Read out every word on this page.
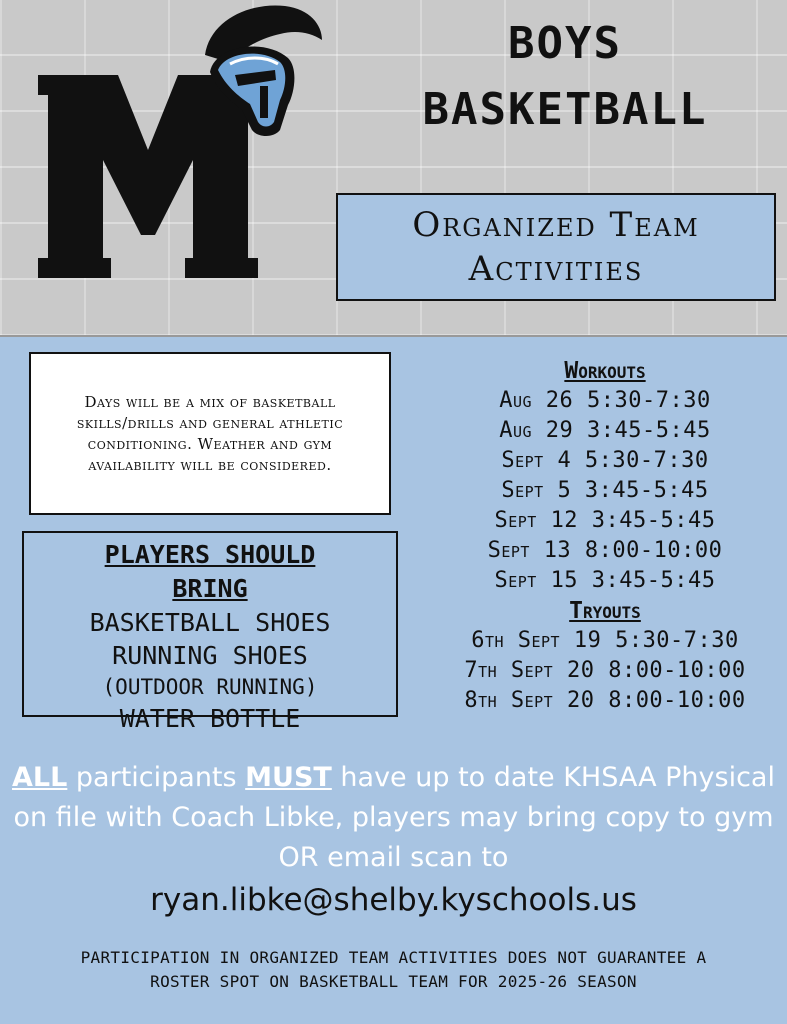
BOYS
BASKETBALL
Organized Team
Activities
Days will be a mix of basketball skills/drills and general athletic conditioning. Weather and gym availability will be considered.
PLAYERS SHOULD
BRING
BASKETBALL SHOES
RUNNING SHOES
(OUTDOOR RUNNING)
WATER BOTTLE
Workouts
Aug 26 5:30-7:30
Aug 29 3:45-5:45
Sept 4 5:30-7:30
Sept 5 3:45-5:45
Sept 12 3:45-5:45
Sept 13 8:00-10:00
Sept 15 3:45-5:45
Tryouts
6th Sept 19 5:30-7:30
7th Sept 20 8:00-10:00
8th Sept 20 8:00-10:00
ALL participants MUST have up to date KHSAA Physical on file with Coach Libke, players may bring copy to gym OR email scan to
ryan.libke@shelby.kyschools.us
PARTICIPATION IN ORGANIZED TEAM ACTIVITIES DOES NOT GUARANTEE A
ROSTER SPOT ON BASKETBALL TEAM FOR 2025-26 SEASON
